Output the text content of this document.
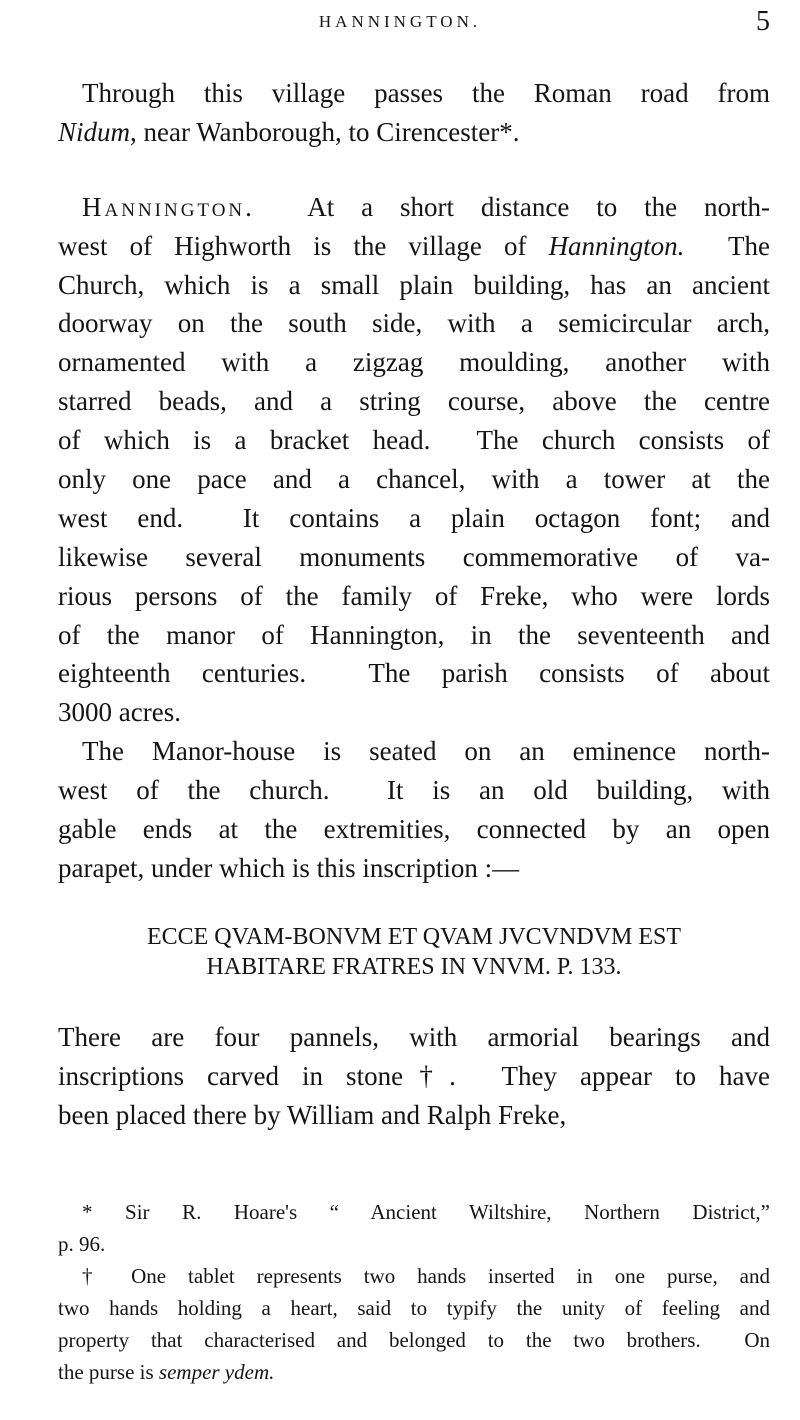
HANNINGTON.	5
Through this village passes the Roman road from
Nidum, near Wanborough, to Cirencester*.
Hannington.  At a short distance to the north-
west of Highworth is the village of Hannington.  The
Church, which is a small plain building, has an ancient
doorway on the south side, with a semicircular arch,
ornamented with a zigzag moulding, another with
starred beads, and a string course, above the centre
of which is a bracket head.  The church consists of
only one pace and a chancel, with a tower at the
west end.  It contains a plain octagon font; and
likewise several monuments commemorative of va-
rious persons of the family of Freke, who were lords
of the manor of Hannington, in the seventeenth and
eighteenth centuries.  The parish consists of about
3000 acres.
The Manor-house is seated on an eminence north-
west of the church.  It is an old building, with
gable ends at the extremities, connected by an open
parapet, under which is this inscription :—
ECCE QVAM-BONVM ET QVAM JVCVNDVM EST
HABITARE FRATRES IN VNVM. P. 133.
There are four pannels, with armorial bearings and
inscriptions carved in stone†.  They appear to have
been placed there by William and Ralph Freke,
* Sir R. Hoare's “ Ancient Wiltshire, Northern District,”
p. 96.
† One tablet represents two hands inserted in one purse, and
two hands holding a heart, said to typify the unity of feeling and
property that characterised and belonged to the two brothers.  On
the purse is semper ydem.
